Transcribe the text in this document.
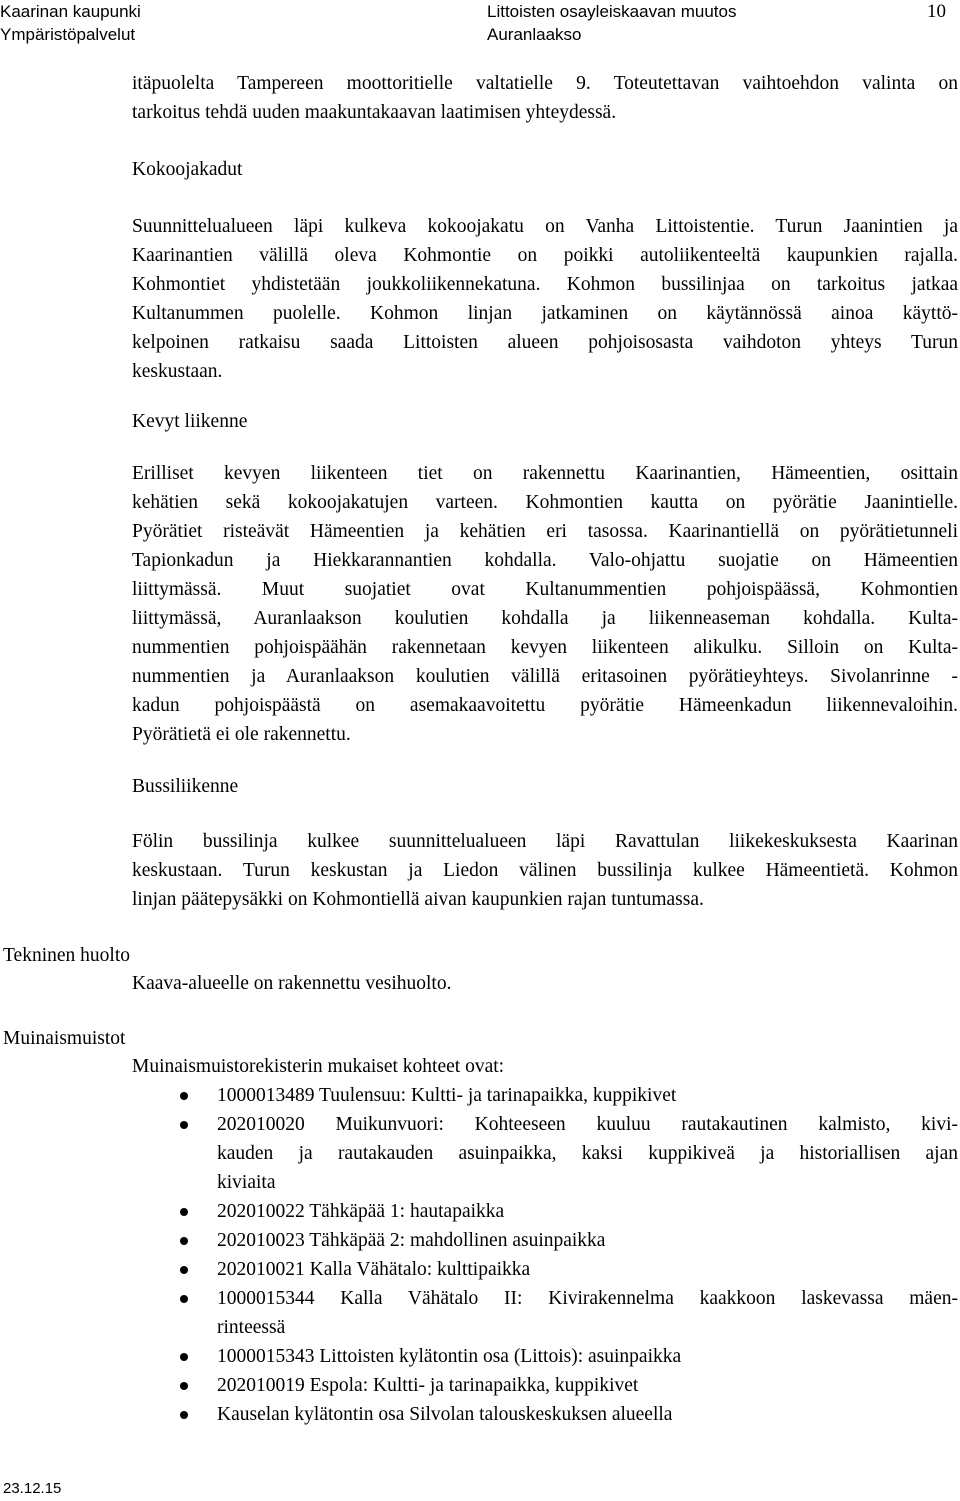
Kaarinan kaupunki
Ympäristöpalvelut
Littoisten osayleiskaavan muutos
Auranlaakso
10
itäpuolelta Tampereen moottoritielle valtatielle 9. Toteutettavan vaihtoehdon valinta on
tarkoitus tehdä uuden maakuntakaavan laatimisen yhteydessä.
Kokoojakadut
Suunnittelualueen läpi kulkeva kokoojakatu on Vanha Littoistentie. Turun Jaanintien ja
Kaarinantien välillä oleva Kohmontie on poikki autoliikenteeltä kaupunkien rajalla.
Kohmontiet yhdistetään joukkoliikennekatuna. Kohmon bussilinjaa on tarkoitus jatkaa
Kultanummen puolelle. Kohmon linjan jatkaminen on käytännössä ainoa käyttö-
kelpoinen ratkaisu saada Littoisten alueen pohjoisosasta vaihdoton yhteys Turun
keskustaan.
Kevyt liikenne
Erilliset kevyen liikenteen tiet on rakennettu Kaarinantien, Hämeentien, osittain
kehätien sekä kokoojakatujen varteen. Kohmontien kautta on pyörätie Jaanintielle.
Pyörätiet risteävät Hämeentien ja kehätien eri tasossa. Kaarinantiellä on pyörätietunneli
Tapionkadun ja Hiekkarannantien kohdalla. Valo-ohjattu suojatie on Hämeentien
liittymässä. Muut suojatiet ovat Kultanummentien pohjoispäässä, Kohmontien
liittymässä, Auranlaakson koulutien kohdalla ja liikenneaseman kohdalla. Kulta-
nummentien pohjoispäähän rakennetaan kevyen liikenteen alikulku. Silloin on Kulta-
nummentien ja Auranlaakson koulutien välillä eritasoinen pyörätieyhteys. Sivolanrinne -
kadun pohjoispäästä on asemakaavoitettu pyörätie Hämeenkadun liikennevaloihin.
Pyörätietä ei ole rakennettu.
Bussiliikenne
Fölin bussilinja kulkee suunnittelualueen läpi Ravattulan liikekeskuksesta Kaarinan
keskustaan. Turun keskustan ja Liedon välinen bussilinja kulkee Hämeentietä. Kohmon
linjan päätepysäkki on Kohmontiellä aivan kaupunkien rajan tuntumassa.
Tekninen huolto
Kaava-alueelle on rakennettu vesihuolto.
Muinaismuistot
Muinaismuistorekisterin mukaiset kohteet ovat:
1000013489 Tuulensuu: Kultti- ja tarinapaikka, kuppikivet
202010020 Muikunvuori: Kohteeseen kuuluu rautakautinen kalmisto, kivi-
kauden ja rautakauden asuinpaikka, kaksi kuppikiveä ja historiallisen ajan
kiviaita
202010022 Tähkäpää 1: hautapaikka
202010023 Tähkäpää 2: mahdollinen asuinpaikka
202010021 Kalla Vähätalo: kulttipaikka
1000015344 Kalla Vähätalo II: Kivirakennelma kaakkoon laskevassa mäen-
rinteessä
1000015343 Littoisten kylätontin osa (Littois): asuinpaikka
202010019 Espola: Kultti- ja tarinapaikka, kuppikivet
Kauselan kylätontin osa Silvolan talouskeskuksen alueella
23.12.15
